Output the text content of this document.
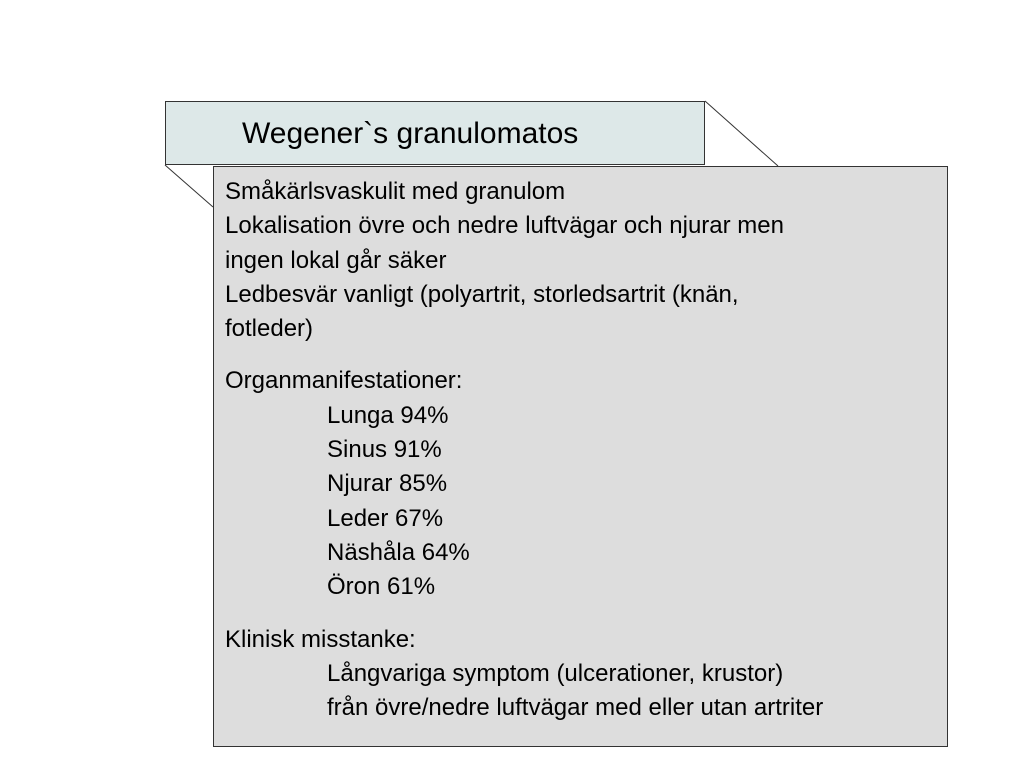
Wegener`s granulomatos
Småkärlsvaskulit med granulom
Lokalisation övre och nedre luftvägar och njurar men
ingen lokal går säker
Ledbesvär vanligt (polyartrit, storledsartrit (knän,
fotleder)
Organmanifestationer:
Lunga 94%
Sinus 91%
Njurar 85%
Leder 67%
Näshåla 64%
Öron 61%
Klinisk misstanke:
Långvariga symptom (ulcerationer, krustor)
från övre/nedre luftvägar med eller utan artriter
